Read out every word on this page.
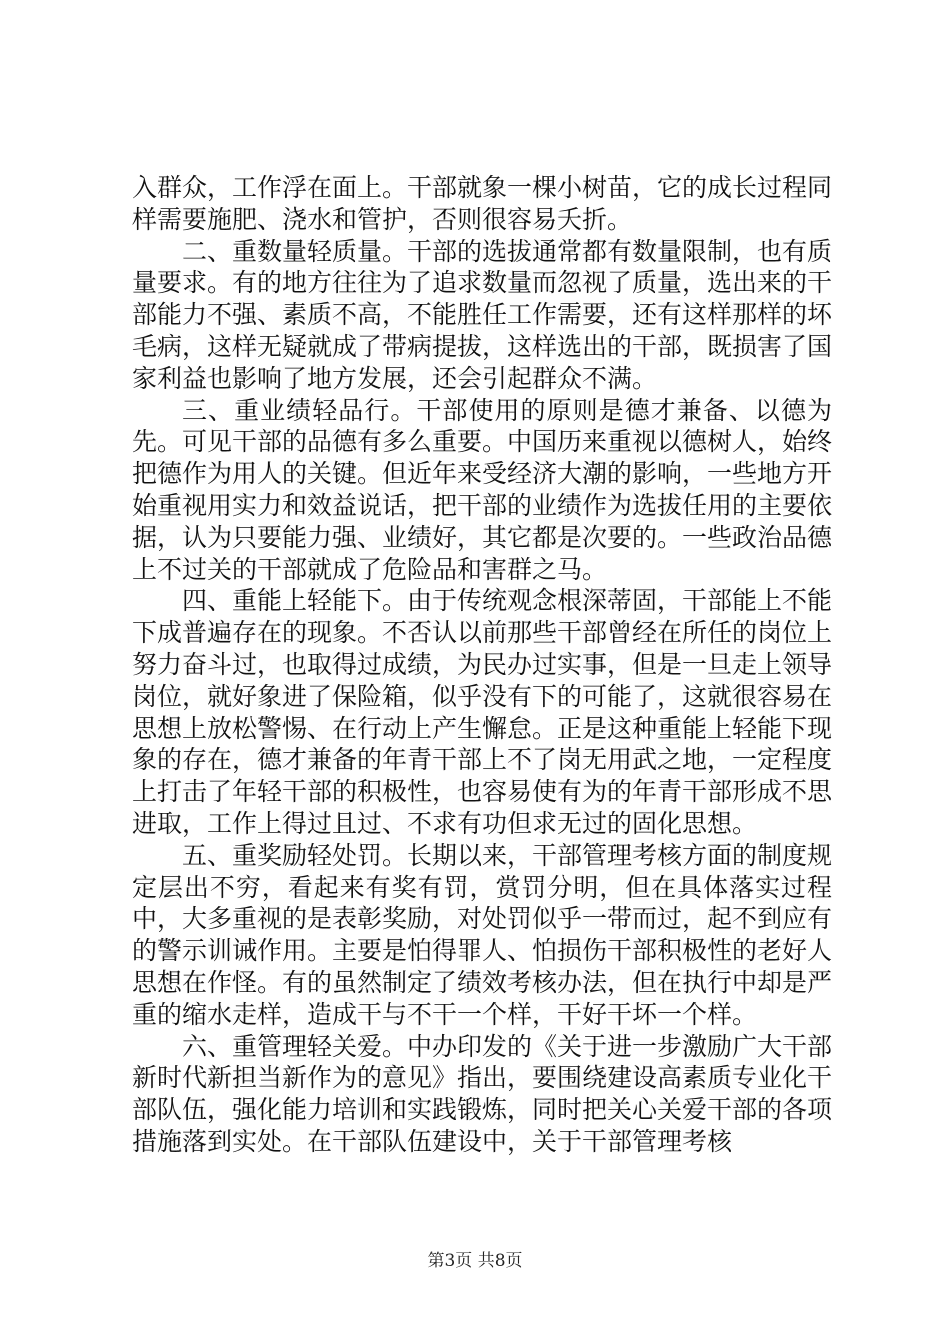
入群众，工作浮在面上。干部就象一棵小树苗，它的成长过程同样需要施肥、浇水和管护，否则很容易夭折。

二、重数量轻质量。干部的选拔通常都有数量限制，也有质量要求。有的地方往往为了追求数量而忽视了质量，选出来的干部能力不强、素质不高，不能胜任工作需要，还有这样那样的坏毛病，这样无疑就成了带病提拔，这样选出的干部，既损害了国家利益也影响了地方发展，还会引起群众不满。

三、重业绩轻品行。干部使用的原则是德才兼备、以德为先。可见干部的品德有多么重要。中国历来重视以德树人，始终把德作为用人的关键。但近年来受经济大潮的影响，一些地方开始重视用实力和效益说话，把干部的业绩作为选拔任用的主要依据，认为只要能力强、业绩好，其它都是次要的。一些政治品德上不过关的干部就成了危险品和害群之马。

四、重能上轻能下。由于传统观念根深蒂固，干部能上不能下成普遍存在的现象。不否认以前那些干部曾经在所任的岗位上努力奋斗过，也取得过成绩，为民办过实事，但是一旦走上领导岗位，就好象进了保险箱，似乎没有下的可能了，这就很容易在思想上放松警惕、在行动上产生懈怠。正是这种重能上轻能下现象的存在，德才兼备的年青干部上不了岗无用武之地，一定程度上打击了年轻干部的积极性，也容易使有为的年青干部形成不思进取，工作上得过且过、不求有功但求无过的固化思想。

五、重奖励轻处罚。长期以来，干部管理考核方面的制度规定层出不穷，看起来有奖有罚，赏罚分明，但在具体落实过程中，大多重视的是表彰奖励，对处罚似乎一带而过，起不到应有的警示训诫作用。主要是怕得罪人、怕损伤干部积极性的老好人思想在作怪。有的虽然制定了绩效考核办法，但在执行中却是严重的缩水走样，造成干与不干一个样，干好干坏一个样。

六、重管理轻关爱。中办印发的《关于进一步激励广大干部新时代新担当新作为的意见》指出，要围绕建设高素质专业化干部队伍，强化能力培训和实践锻炼，同时把关心关爱干部的各项措施落到实处。在干部队伍建设中，关于干部管理考核

第3页 共8页
